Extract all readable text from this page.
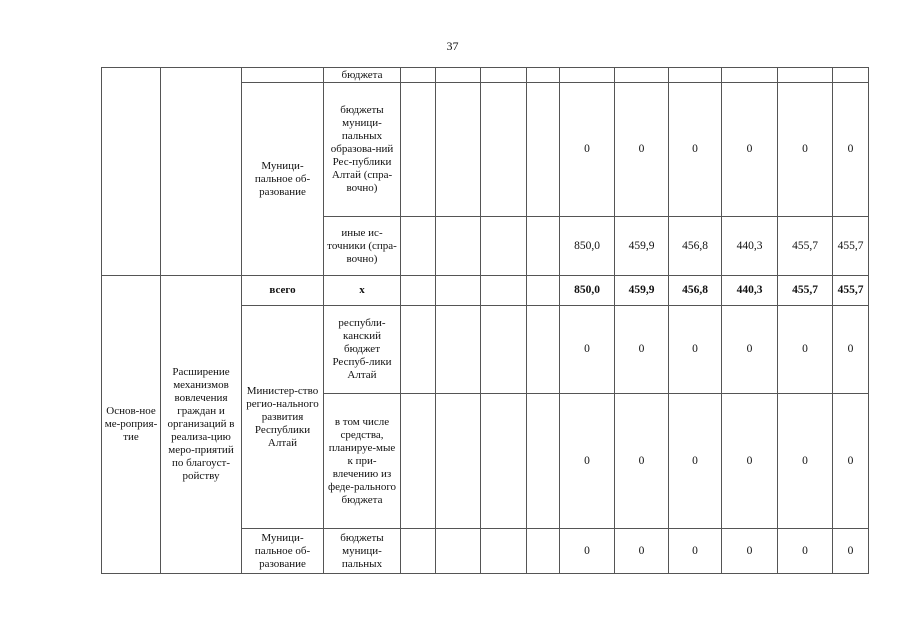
37
			бюджета										
		Муници-пальное об-разование	бюджеты муници-пальных образова-ний Рес-публики Алтай (спра-вочно)					0	0	0	0	0	0
			иные ис-точники (спра-вочно)					850,0	459,9	456,8	440,3	455,7	455,7
Основ-ное ме-роприя-тие	Расширение механизмов вовлечения граждан и организаций в реализа-цию меро-приятий по благоуст-ройству	всего	x					850,0	459,9	456,8	440,3	455,7	455,7
		Министер-ство регио-нального развития Республики Алтай	республи-канский бюджет Респуб-лики Алтай					0	0	0	0	0	0
			в том числе средства, планируе-мые к при-влечению из феде-рального бюджета					0	0	0	0	0	0
		Муници-пальное об-разование	бюджеты муници-пальных					0	0	0	0	0	0
